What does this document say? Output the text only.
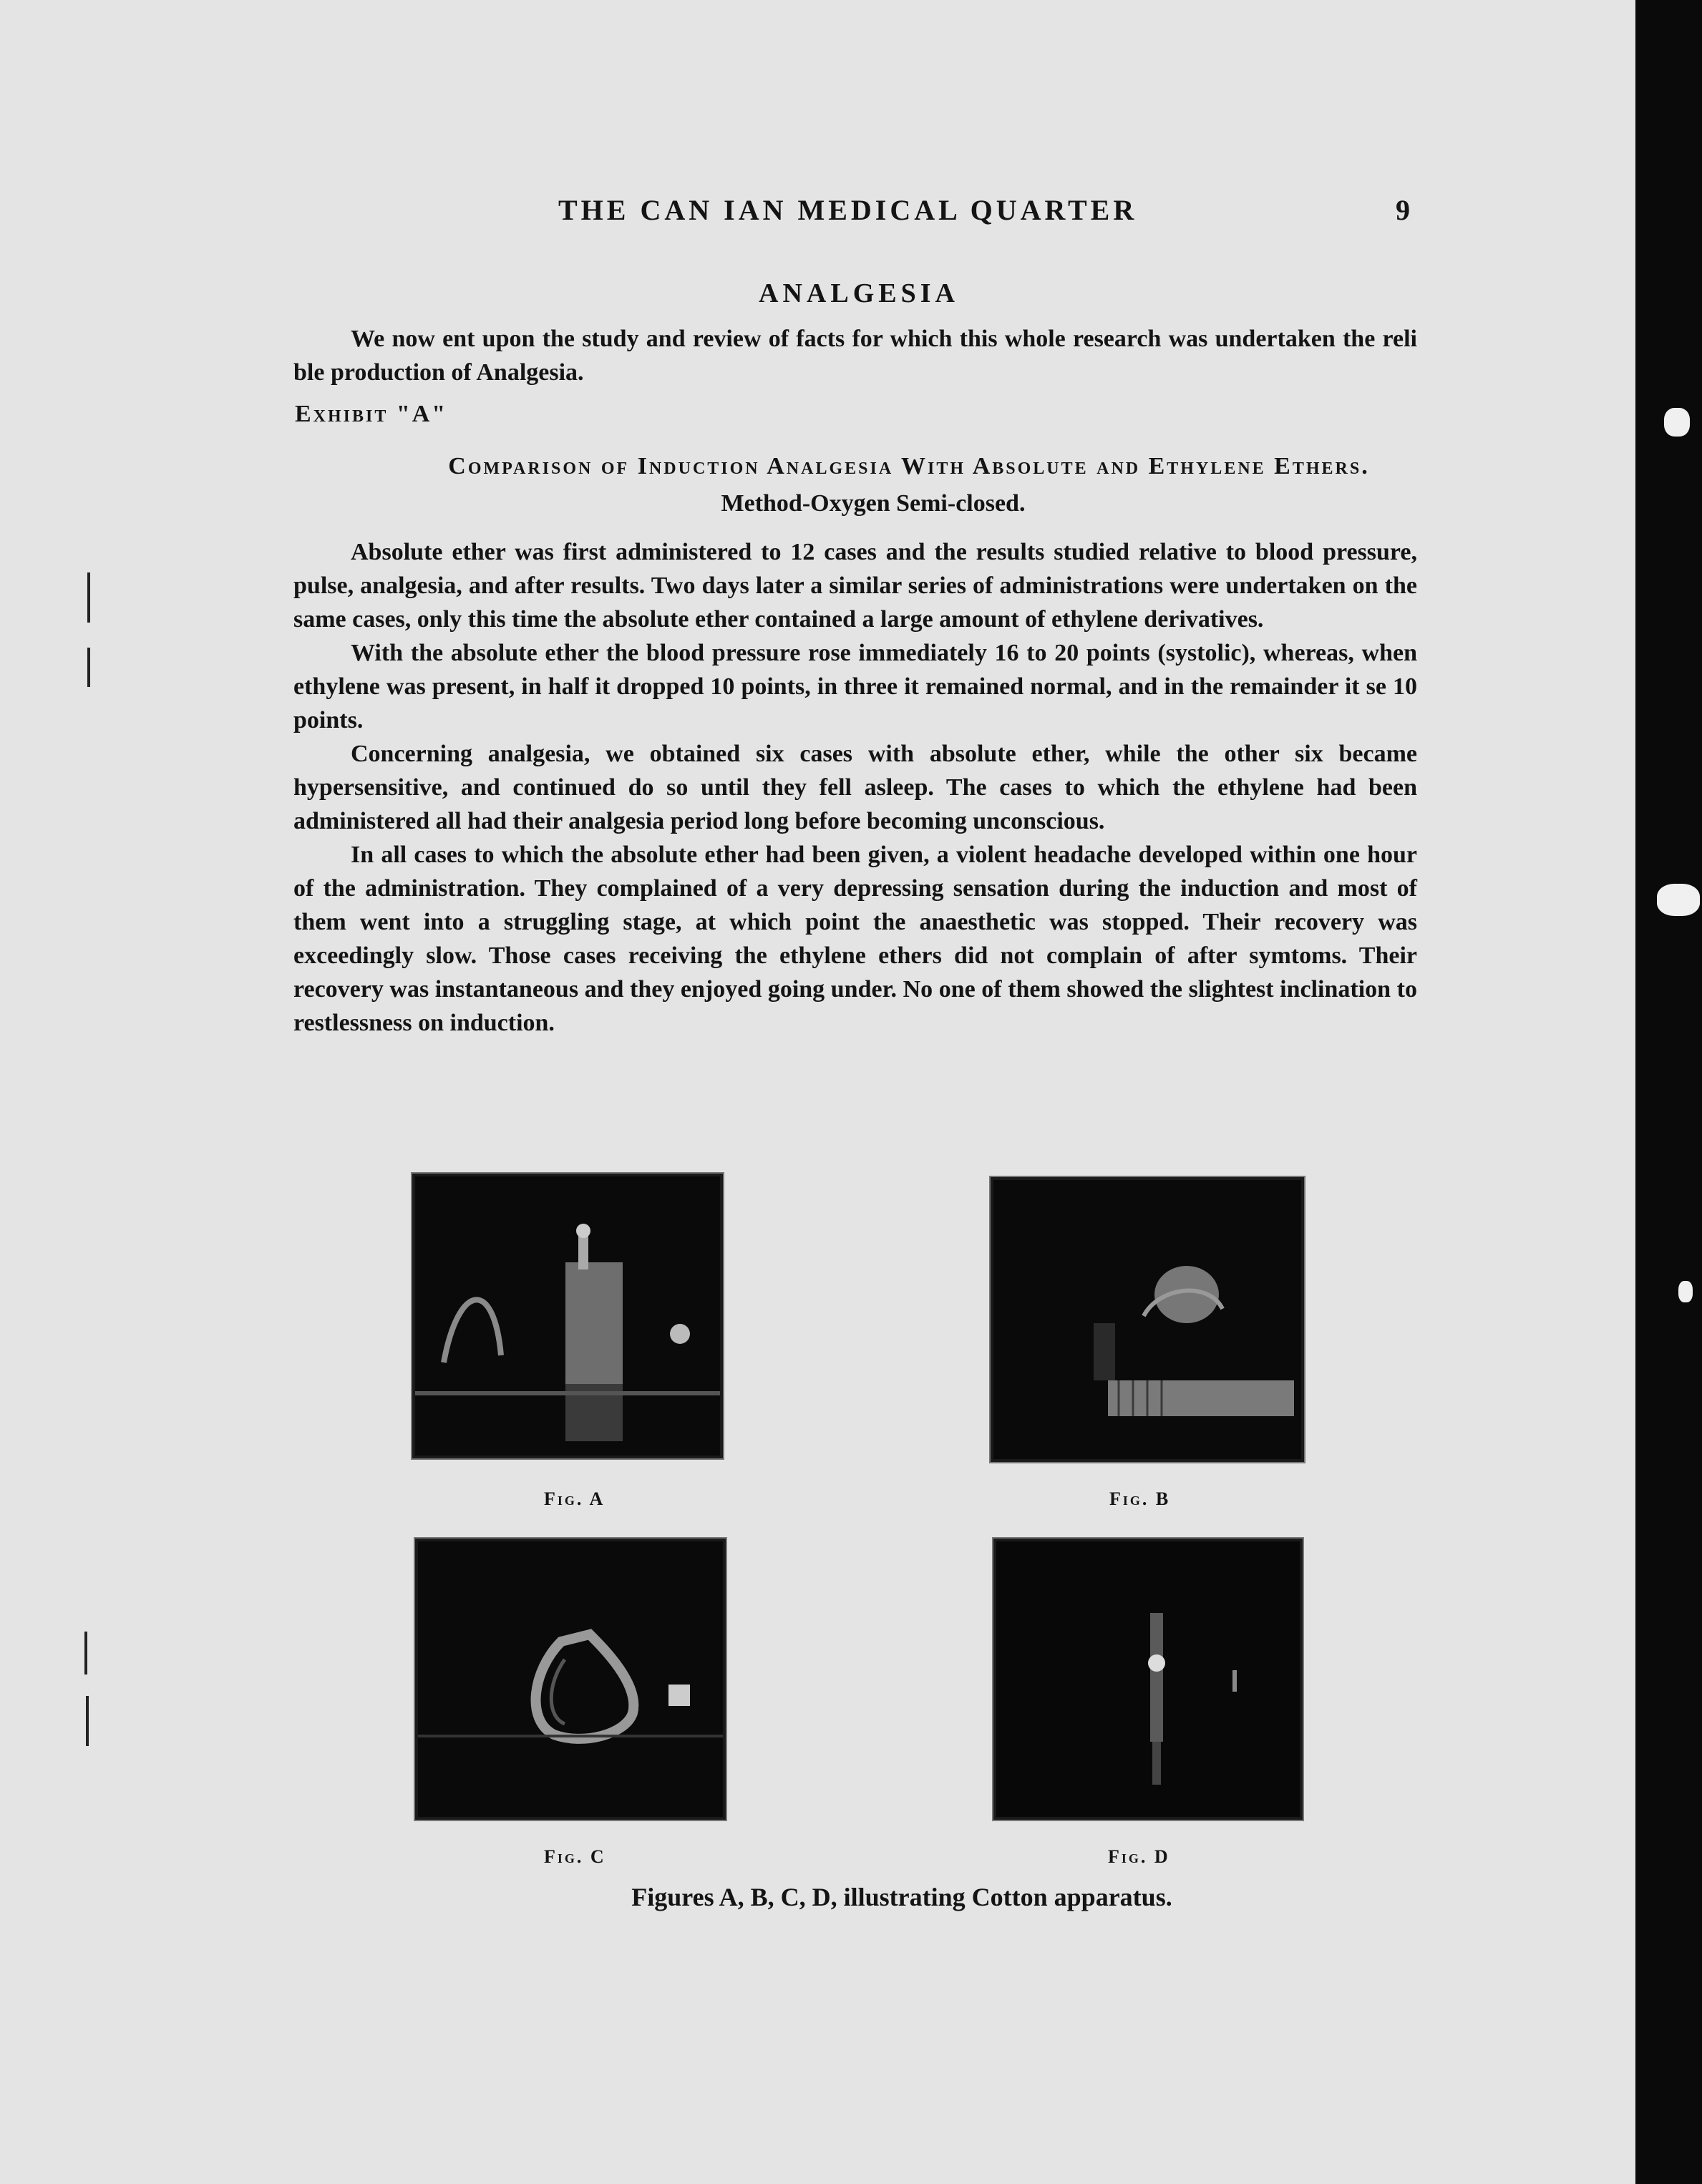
THE CAN IAN MEDICAL QUARTER	9
ANALGESIA
We now ent upon the study and review of facts for which this whole research was undertaken the reli ble production of Analgesia.
Exhibit "A"
Comparison of Induction Analgesia With Absolute and Ethylene Ethers.
Method-Oxygen Semi-closed.

Absolute ether was first administered to 12 cases and the results studied relative to blood pressure, pulse, analgesia, and after results. Two days later a similar series of administrations were undertaken on the same cases, only this time the absolute ether contained a large amount of ethylene derivatives.

With the absolute ether the blood pressure rose immediately 16 to 20 points (systolic), whereas, when ethylene was present, in half it dropped 10 points, in three it remained normal, and in the remainder it se 10 points.

Concerning analgesia, we obtained six cases with absolute ether, while the other six became hypersensitive, and continued do so until they fell asleep. The cases to which the ethylene had been administered all had their analgesia period long before becoming unconscious.

In all cases to which the absolute ether had been given, a violent headache developed within one hour of the administration. They complained of a very depressing sensation during the induction and most of them went into a struggling stage, at which point the anaesthetic was stopped. Their recovery was exceedingly slow. Those cases receiving the ethylene ethers did not complain of after symtoms. Their recovery was instantaneous and they enjoyed going under. No one of them showed the slightest inclination to restlessness on induction.

Fig. A	Fig. B
Fig. C	Fig. D
Figures A, B, C, D, illustrating Cotton apparatus.
